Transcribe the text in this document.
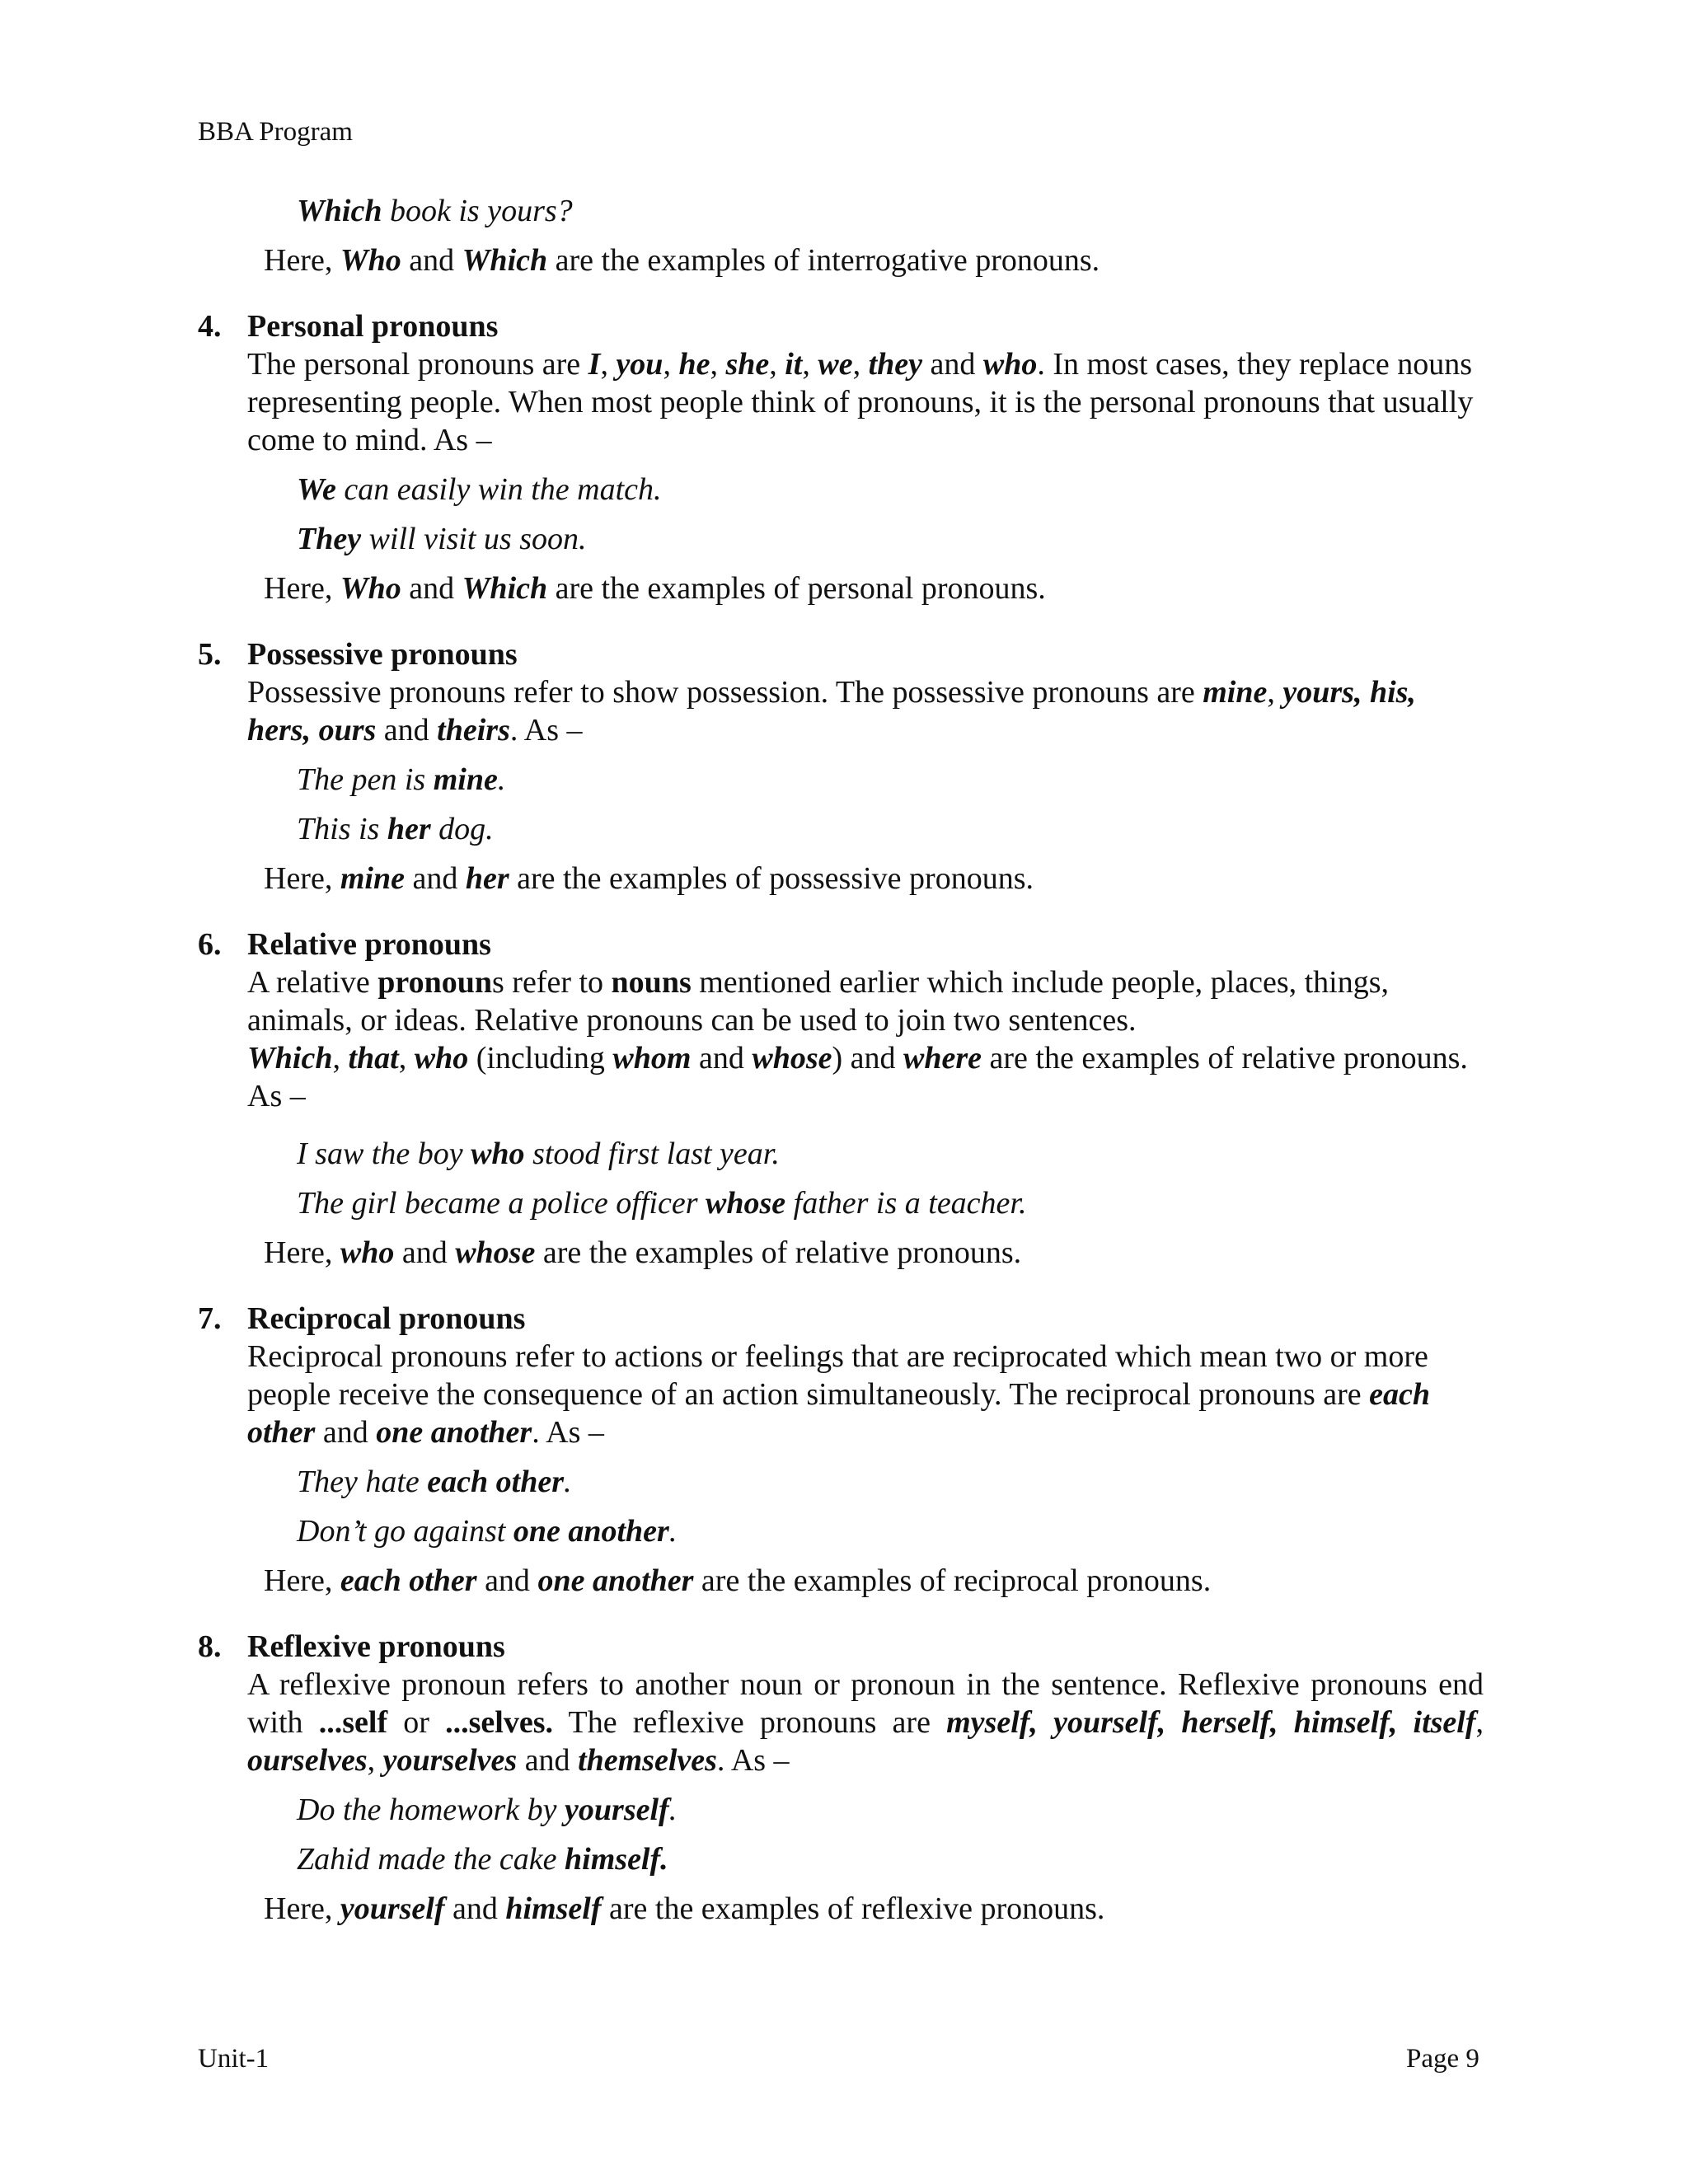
BBA Program
Which book is yours?
Here, Who and Which are the examples of interrogative pronouns.
4. Personal pronouns
The personal pronouns are I, you, he, she, it, we, they and who. In most cases, they replace nouns representing people. When most people think of pronouns, it is the personal pronouns that usually come to mind. As –
We can easily win the match.
They will visit us soon.
Here, Who and Which are the examples of personal pronouns.
5. Possessive pronouns
Possessive pronouns refer to show possession. The possessive pronouns are mine, yours, his, hers, ours and theirs. As –
The pen is mine.
This is her dog.
Here, mine and her are the examples of possessive pronouns.
6. Relative pronouns
A relative pronouns refer to nouns mentioned earlier which include people, places, things, animals, or ideas. Relative pronouns can be used to join two sentences.
Which, that, who (including whom and whose) and where are the examples of relative pronouns. As –
I saw the boy who stood first last year.
The girl became a police officer whose father is a teacher.
Here, who and whose are the examples of relative pronouns.
7. Reciprocal pronouns
Reciprocal pronouns refer to actions or feelings that are reciprocated which mean two or more people receive the consequence of an action simultaneously. The reciprocal pronouns are each other and one another. As –
They hate each other.
Don’t go against one another.
Here, each other and one another are the examples of reciprocal pronouns.
8. Reflexive pronouns
A reflexive pronoun refers to another noun or pronoun in the sentence. Reflexive pronouns end with ...self or ...selves. The reflexive pronouns are myself, yourself, herself, himself, itself, ourselves, yourselves and themselves. As –
Do the homework by yourself.
Zahid made the cake himself.
Here, yourself and himself are the examples of reflexive pronouns.
Unit-1	Page 9
